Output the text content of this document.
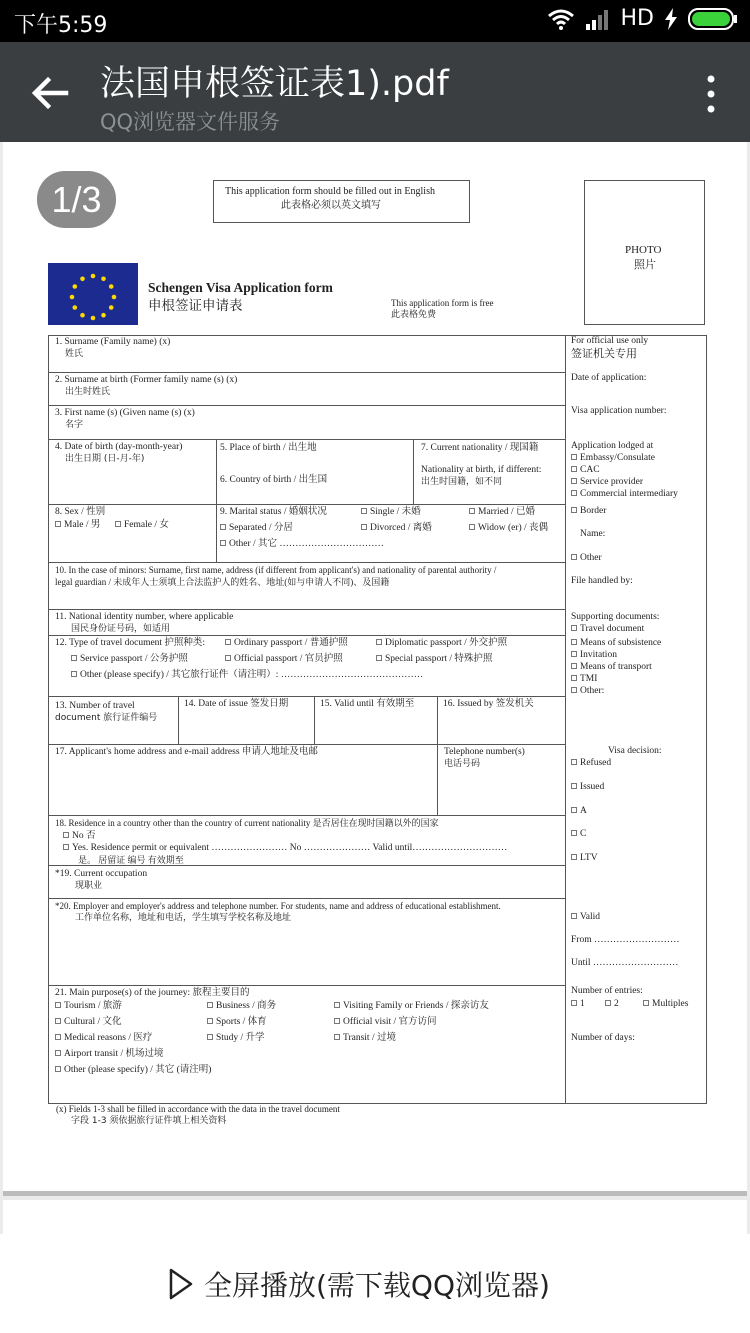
下午5:59	HD
法国申根签证表1).pdf
QQ浏览器文件服务
This application form should be filled out in English
此表格必须以英文填写
PHOTO
照片
Schengen Visa Application form
申根签证申请表	This application form is free
此表格免费
1. Surname (Family name) (x)
姓氏
2. Surname at birth (Former family name (s) (x)
出生时姓氏
3. First name (s) (Given name (s) (x)
名字
4. Date of birth (day-month-year)
出生日期 (日-月-年)
5. Place of birth / 出生地
6. Country of birth / 出生国
7. Current nationality / 现国籍
Nationality at birth, if different:
出生时国籍，如不同
8. Sex / 性别
Male / 男	Female / 女
9. Marital status / 婚姻状况	Single / 未婚	Married / 已婚
Separated / 分居	Divorced / 离婚	Widow (er) / 丧偶
Other / 其它 ……………………………
10. In the case of minors: Surname, first name, address (if different from applicant's) and nationality of parental authority /
legal guardian / 未成年人士须填上合法监护人的姓名、地址(如与申请人不同)、及国籍
11. National identity number, where applicable
国民身份证号码，如适用
12. Type of travel document 护照种类:	Ordinary passport / 普通护照	Diplomatic passport / 外交护照
Service passport / 公务护照	Official passport / 官员护照	Special passport / 特殊护照
Other (please specify) / 其它旅行证件（请注明）: ………………………………………
13. Number of travel
document 旅行证件编号
14. Date of issue 签发日期	15. Valid until 有效期至	16. Issued by 签发机关
17. Applicant's home address and e-mail address 申请人地址及电邮	Telephone number(s)
电话号码
18. Residence in a country other than the country of current nationality 是否居住在现时国籍以外的国家
No 否
Yes. Residence permit or equivalent …………………… No ………………… Valid until…………………………
是。 居留证 编号 有效期至
*19. Current occupation
现职业
*20. Employer and employer's address and telephone number. For students, name and address of educational establishment.
工作单位名称，地址和电话，学生填写学校名称及地址
21. Main purpose(s) of the journey: 旅程主要目的
Tourism / 旅游	Business / 商务	Visiting Family or Friends / 探亲访友
Cultural / 文化	Sports / 体育	Official visit / 官方访问
Medical reasons / 医疗	Study / 升学	Transit / 过境
Airport transit / 机场过境
Other (please specify) / 其它 (请注明)
(x) Fields 1-3 shall be filled in accordance with the data in the travel document
字段 1-3 须依据旅行证件填上相关资料
For official use only
签证机关专用
Date of application:
Visa application number:
Application lodged at
Embassy/Consulate
CAC
Service provider
Commercial intermediary
Border
Name:
Other
File handled by:
Supporting documents:
Travel document
Means of subsistence
Invitation
Means of transport
TMI
Other:
Visa decision:
Refused
Issued
A
C
LTV
Valid
From ………………………
Until ………………………
Number of entries:
1	2	Multiples
Number of days:
1/3
全屏播放(需下载QQ浏览器)
